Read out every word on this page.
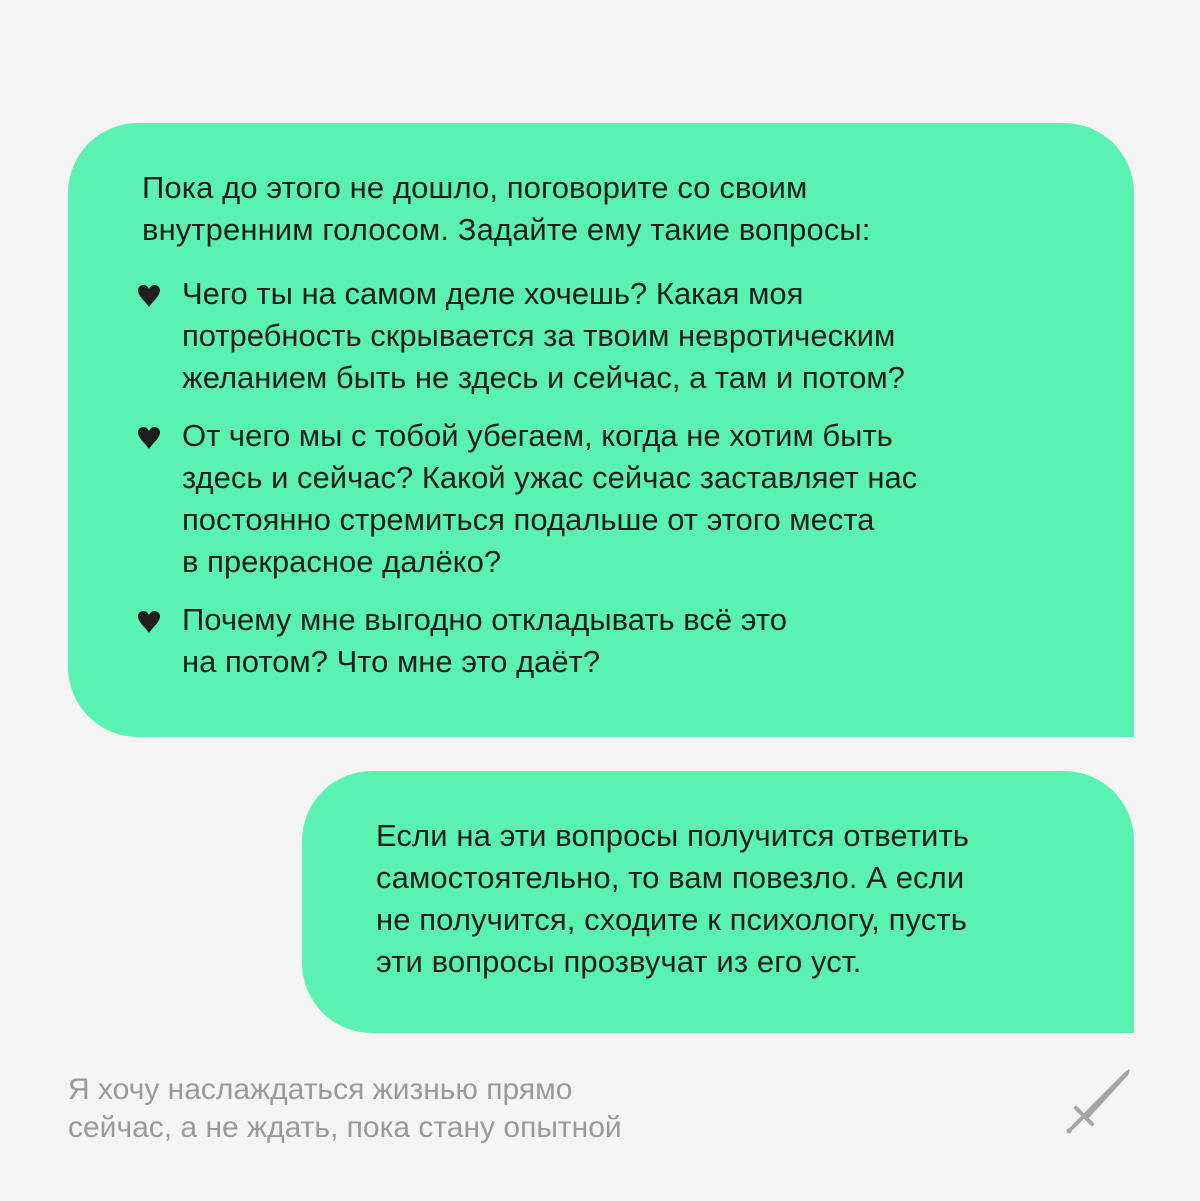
Пока до этого не дошло, поговорите со своим
внутренним голосом. Задайте ему такие вопросы:

Чего ты на самом деле хочешь? Какая моя
потребность скрывается за твоим невротическим
желанием быть не здесь и сейчас, а там и потом?
От чего мы с тобой убегаем, когда не хотим быть
здесь и сейчас? Какой ужас сейчас заставляет нас
постоянно стремиться подальше от этого места
в прекрасное далёко?
Почему мне выгодно откладывать всё это
на потом? Что мне это даёт?

Если на эти вопросы получится ответить
самостоятельно, то вам повезло. А если
не получится, сходите к психологу, пусть
эти вопросы прозвучат из его уст.

Я хочу наслаждаться жизнью прямо
сейчас, а не ждать, пока стану опытной
